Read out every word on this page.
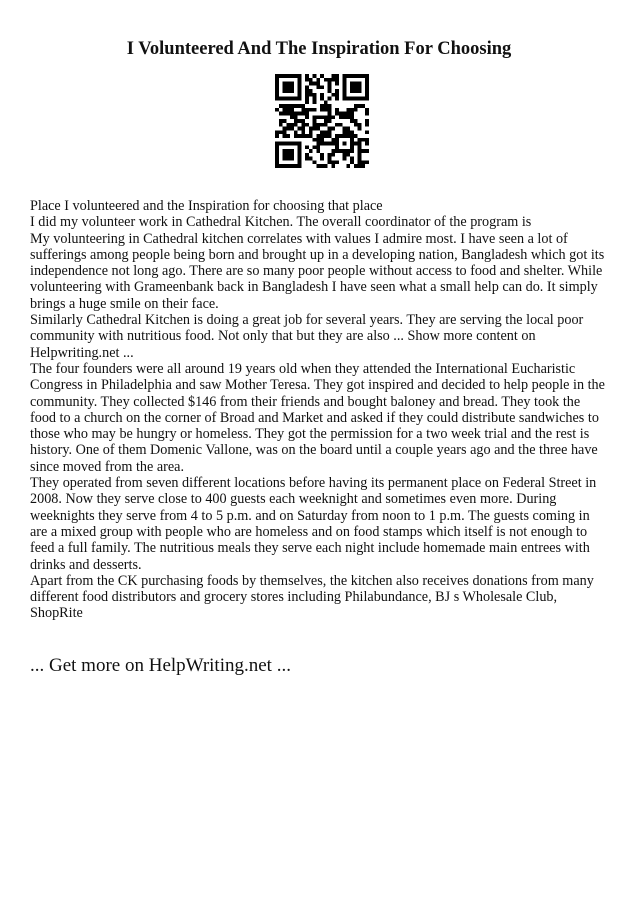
I Volunteered And The Inspiration For Choosing

Place I volunteered and the Inspiration for choosing that place

I did my volunteer work in Cathedral Kitchen. The overall coordinator of the program is

My volunteering in Cathedral kitchen correlates with values I admire most. I have seen a lot of sufferings among people being born and brought up in a developing nation, Bangladesh which got its independence not long ago. There are so many poor people without access to food and shelter. While volunteering with Grameenbank back in Bangladesh I have seen what a small help can do. It simply brings a huge smile on their face.

Similarly Cathedral Kitchen is doing a great job for several years. They are serving the local poor community with nutritious food. Not only that but they are also ... Show more content on Helpwriting.net ...

The four founders were all around 19 years old when they attended the International Eucharistic Congress in Philadelphia and saw Mother Teresa. They got inspired and decided to help people in the community. They collected $146 from their friends and bought baloney and bread. They took the food to a church on the corner of Broad and Market and asked if they could distribute sandwiches to those who may be hungry or homeless. They got the permission for a two week trial and the rest is history. One of them Domenic Vallone, was on the board until a couple years ago and the three have since moved from the area.

They operated from seven different locations before having its permanent place on Federal Street in 2008. Now they serve close to 400 guests each weeknight and sometimes even more. During weeknights they serve from 4 to 5 p.m. and on Saturday from noon to 1 p.m. The guests coming in are a mixed group with people who are homeless and on food stamps which itself is not enough to feed a full family. The nutritious meals they serve each night include homemade main entrees with drinks and desserts.

Apart from the CK purchasing foods by themselves, the kitchen also receives donations from many different food distributors and grocery stores including Philabundance, BJ s Wholesale Club, ShopRite

... Get more on HelpWriting.net ...
